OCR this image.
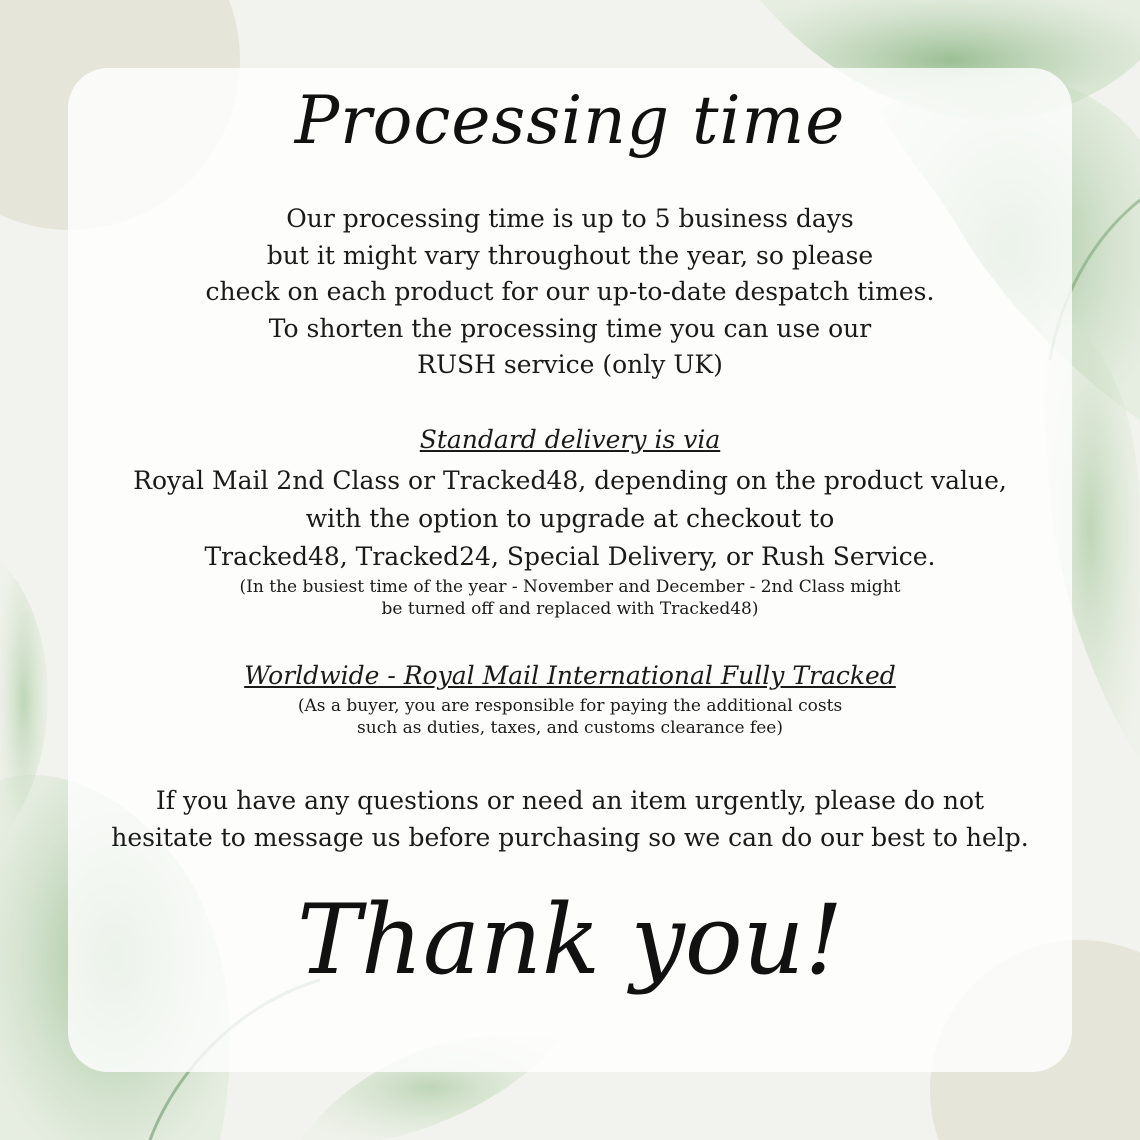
Processing time
Our processing time is up to 5 business days
but it might vary throughout the year, so please
check on each product for our up-to-date despatch times.
To shorten the processing time you can use our
RUSH service (only UK)
Standard delivery is via
Royal Mail 2nd Class or Tracked48, depending on the product value,
with the option to upgrade at checkout to
Tracked48, Tracked24, Special Delivery, or Rush Service.
(In the busiest time of the year - November and December - 2nd Class might
be turned off and replaced with Tracked48)
Worldwide - Royal Mail International Fully Tracked
(As a buyer, you are responsible for paying the additional costs
such as duties, taxes, and customs clearance fee)
If you have any questions or need an item urgently, please do not
hesitate to message us before purchasing so we can do our best to help.
Thank you!
